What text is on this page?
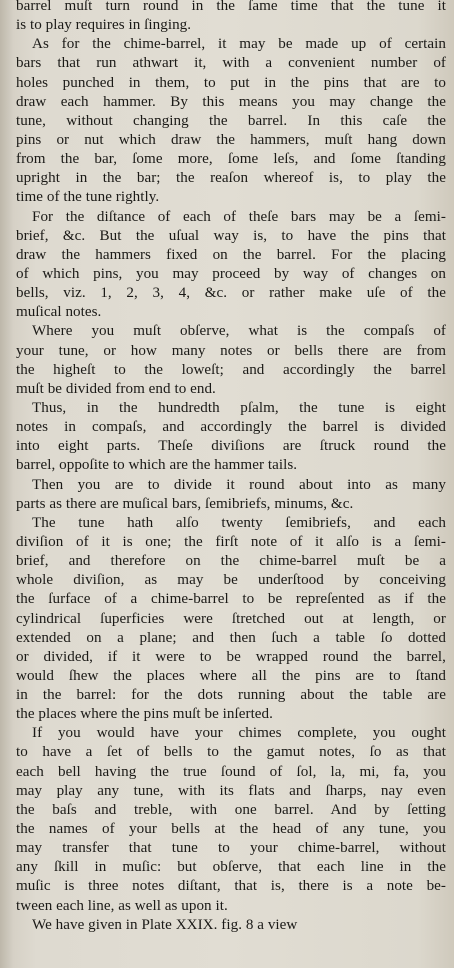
barrel muſt turn round in the ſame time that the tune it
is to play requires in ſinging.
As for the chime-barrel, it may be made up of certain
bars that run athwart it, with a convenient number of
holes punched in them, to put in the pins that are to
draw each hammer. By this means you may change the
tune, without changing the barrel. In this caſe the
pins or nut which draw the hammers, muſt hang down
from the bar, ſome more, ſome leſs, and ſome ſtanding
upright in the bar; the reaſon whereof is, to play the
time of the tune rightly.
For the diſtance of each of theſe bars may be a ſemi-
brief, &c. But the uſual way is, to have the pins that
draw the hammers fixed on the barrel. For the placing
of which pins, you may proceed by way of changes on
bells, viz. 1, 2, 3, 4, &c. or rather make uſe of the
muſical notes.
Where you muſt obſerve, what is the compaſs of
your tune, or how many notes or bells there are from
the higheſt to the loweſt; and accordingly the barrel
muſt be divided from end to end.
Thus, in the hundredth pſalm, the tune is eight
notes in compaſs, and accordingly the barrel is divided
into eight parts. Theſe diviſions are ſtruck round the
barrel, oppoſite to which are the hammer tails.
Then you are to divide it round about into as many
parts as there are muſical bars, ſemibriefs, minums, &c.
The tune hath alſo twenty ſemibriefs, and each
diviſion of it is one; the firſt note of it alſo is a ſemi-
brief, and therefore on the chime-barrel muſt be a
whole diviſion, as may be underſtood by conceiving
the ſurface of a chime-barrel to be repreſented as if the
cylindrical ſuperficies were ſtretched out at length, or
extended on a plane; and then ſuch a table ſo dotted
or divided, if it were to be wrapped round the barrel,
would ſhew the places where all the pins are to ſtand
in the barrel: for the dots running about the table are
the places where the pins muſt be inſerted.
If you would have your chimes complete, you ought
to have a ſet of bells to the gamut notes, ſo as that
each bell having the true ſound of ſol, la, mi, fa, you
may play any tune, with its flats and ſharps, nay even
the baſs and treble, with one barrel. And by ſetting
the names of your bells at the head of any tune, you
may transfer that tune to your chime-barrel, without
any ſkill in muſic: but obſerve, that each line in the
muſic is three notes diſtant, that is, there is a note be-
tween each line, as well as upon it.
We have given in Plate XXIX. fig. 8 a view
